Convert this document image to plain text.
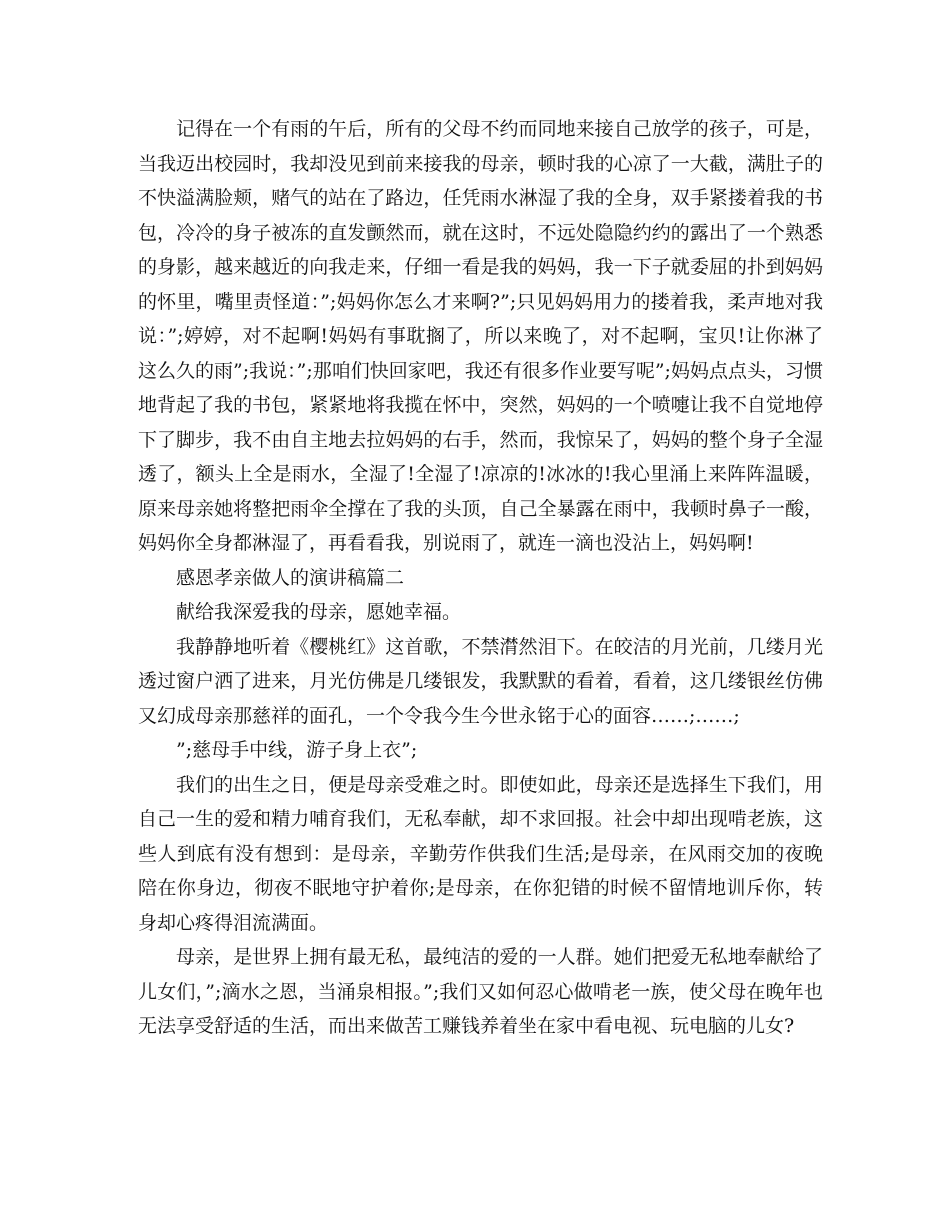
记得在一个有雨的午后，所有的父母不约而同地来接自己放学的孩子，可是，当我迈出校园时，我却没见到前来接我的母亲，顿时我的心凉了一大截，满肚子的不快溢满脸颊，赌气的站在了路边，任凭雨水淋湿了我的全身，双手紧搂着我的书包，冷冷的身子被冻的直发颤然而，就在这时，不远处隐隐约约的露出了一个熟悉的身影，越来越近的向我走来，仔细一看是我的妈妈，我一下子就委屈的扑到妈妈的怀里，嘴里责怪道：”;妈妈你怎么才来啊?”;只见妈妈用力的搂着我，柔声地对我说：”;婷婷，对不起啊!妈妈有事耽搁了，所以来晚了，对不起啊，宝贝!让你淋了这么久的雨”;我说：”;那咱们快回家吧，我还有很多作业要写呢”;妈妈点点头，习惯地背起了我的书包，紧紧地将我揽在怀中，突然，妈妈的一个喷嚏让我不自觉地停下了脚步，我不由自主地去拉妈妈的右手，然而，我惊呆了，妈妈的整个身子全湿透了，额头上全是雨水，全湿了!全湿了!凉凉的!冰冰的!我心里涌上来阵阵温暖，原来母亲她将整把雨伞全撑在了我的头顶，自己全暴露在雨中，我顿时鼻子一酸，妈妈你全身都淋湿了，再看看我，别说雨了，就连一滴也没沾上，妈妈啊!

感恩孝亲做人的演讲稿篇二

献给我深爱我的母亲，愿她幸福。

我静静地听着《樱桃红》这首歌，不禁潸然泪下。在皎洁的月光前，几缕月光透过窗户洒了进来，月光仿佛是几缕银发，我默默的看着，看着，这几缕银丝仿佛又幻成母亲那慈祥的面孔，一个令我今生今世永铭于心的面容……;……;

”;慈母手中线，游子身上衣”;

我们的出生之日，便是母亲受难之时。即使如此，母亲还是选择生下我们，用自己一生的爱和精力哺育我们，无私奉献，却不求回报。社会中却出现啃老族，这些人到底有没有想到：是母亲，辛勤劳作供我们生活;是母亲，在风雨交加的夜晚陪在你身边，彻夜不眠地守护着你;是母亲，在你犯错的时候不留情地训斥你，转身却心疼得泪流满面。

母亲，是世界上拥有最无私，最纯洁的爱的一人群。她们把爱无私地奉献给了儿女们，”;滴水之恩，当涌泉相报。”;我们又如何忍心做啃老一族，使父母在晚年也无法享受舒适的生活，而出来做苦工赚钱养着坐在家中看电视、玩电脑的儿女?
